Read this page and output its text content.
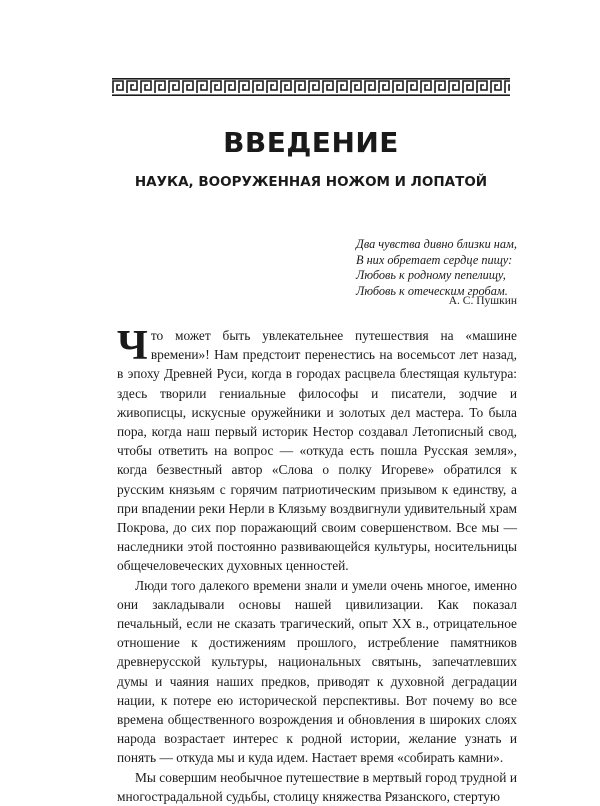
ВВЕДЕНИЕ
НАУКА, ВООРУЖЕННАЯ НОЖОМ И ЛОПАТОЙ
Два чувства дивно близки нам,
В них обретает сердце пищу:
Любовь к родному пепелищу,
Любовь к отеческим гробам.
А. С. Пушкин

Что может быть увлекательнее путешествия на «машине времени»! Нам предстоит перенестись на восемьсот лет назад, в эпоху Древней Руси, когда в городах расцвела блестящая культура: здесь творили гениальные философы и писатели, зодчие и живописцы, искусные оружейники и золотых дел мастера. То была пора, когда наш первый историк Нестор создавал Летописный свод, чтобы ответить на вопрос — «откуда есть пошла Русская земля», когда безвестный автор «Слова о полку Игореве» обратился к русским князьям с горячим патриотическим призывом к единству, а при впадении реки Нерли в Клязьму воздвигнули удивительный храм Покрова, до сих пор поражающий своим совершенством. Все мы — наследники этой постоянно развивающейся культуры, носительницы общечеловеческих духовных ценностей.

Люди того далекого времени знали и умели очень многое, именно они закладывали основы нашей цивилизации. Как показал печальный, если не сказать трагический, опыт XX в., отрицательное отношение к достижениям прошлого, истребление памятников древнерусской культуры, национальных святынь, запечатлевших думы и чаяния наших предков, приводят к духовной деградации нации, к потере ею исторической перспективы. Вот почему во все времена общественного возрождения и обновления в широких слоях народа возрастает интерес к родной истории, желание узнать и понять — откуда мы и куда идем. Настает время «собирать камни».

Мы совершим необычное путешествие в мертвый город трудной и многострадальной судьбы, столицу княжества Рязанского, стертую
